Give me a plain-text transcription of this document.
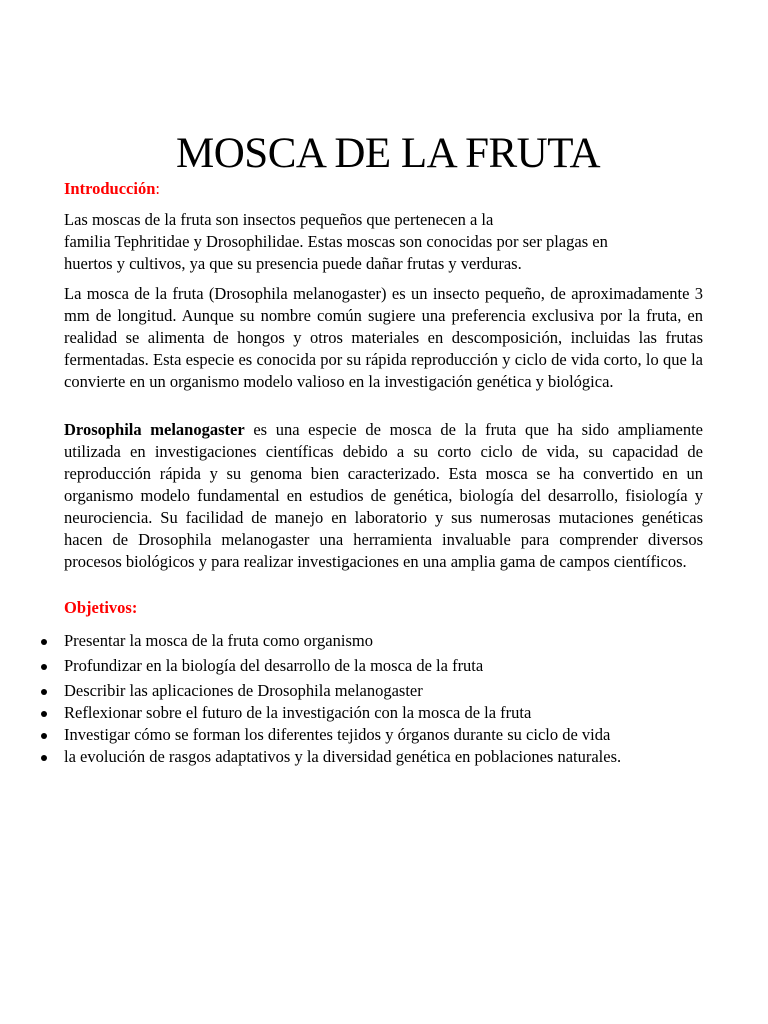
MOSCA DE LA FRUTA
Introducción:

Las moscas de la fruta son insectos pequeños que pertenecen a la
familia Tephritidae y Drosophilidae. Estas moscas son conocidas por ser plagas en
huertos y cultivos, ya que su presencia puede dañar frutas y verduras.

La mosca de la fruta (Drosophila melanogaster) es un insecto pequeño, de aproximadamente 3 mm de longitud. Aunque su nombre común sugiere una preferencia exclusiva por la fruta, en realidad se alimenta de hongos y otros materiales en descomposición, incluidas las frutas fermentadas. Esta especie es conocida por su rápida reproducción y ciclo de vida corto, lo que la convierte en un organismo modelo valioso en la investigación genética y biológica.

Drosophila melanogaster es una especie de mosca de la fruta que ha sido ampliamente utilizada en investigaciones científicas debido a su corto ciclo de vida, su capacidad de reproducción rápida y su genoma bien caracterizado. Esta mosca se ha convertido en un organismo modelo fundamental en estudios de genética, biología del desarrollo, fisiología y neurociencia. Su facilidad de manejo en laboratorio y sus numerosas mutaciones genéticas hacen de Drosophila melanogaster una herramienta invaluable para comprender diversos procesos biológicos y para realizar investigaciones en una amplia gama de campos científicos.

Objetivos:
Presentar la mosca de la fruta como organismo
Profundizar en la biología del desarrollo de la mosca de la fruta
Describir las aplicaciones de Drosophila melanogaster
Reflexionar sobre el futuro de la investigación con la mosca de la fruta
Investigar cómo se forman los diferentes tejidos y órganos durante su ciclo de vida
la evolución de rasgos adaptativos y la diversidad genética en poblaciones naturales.
